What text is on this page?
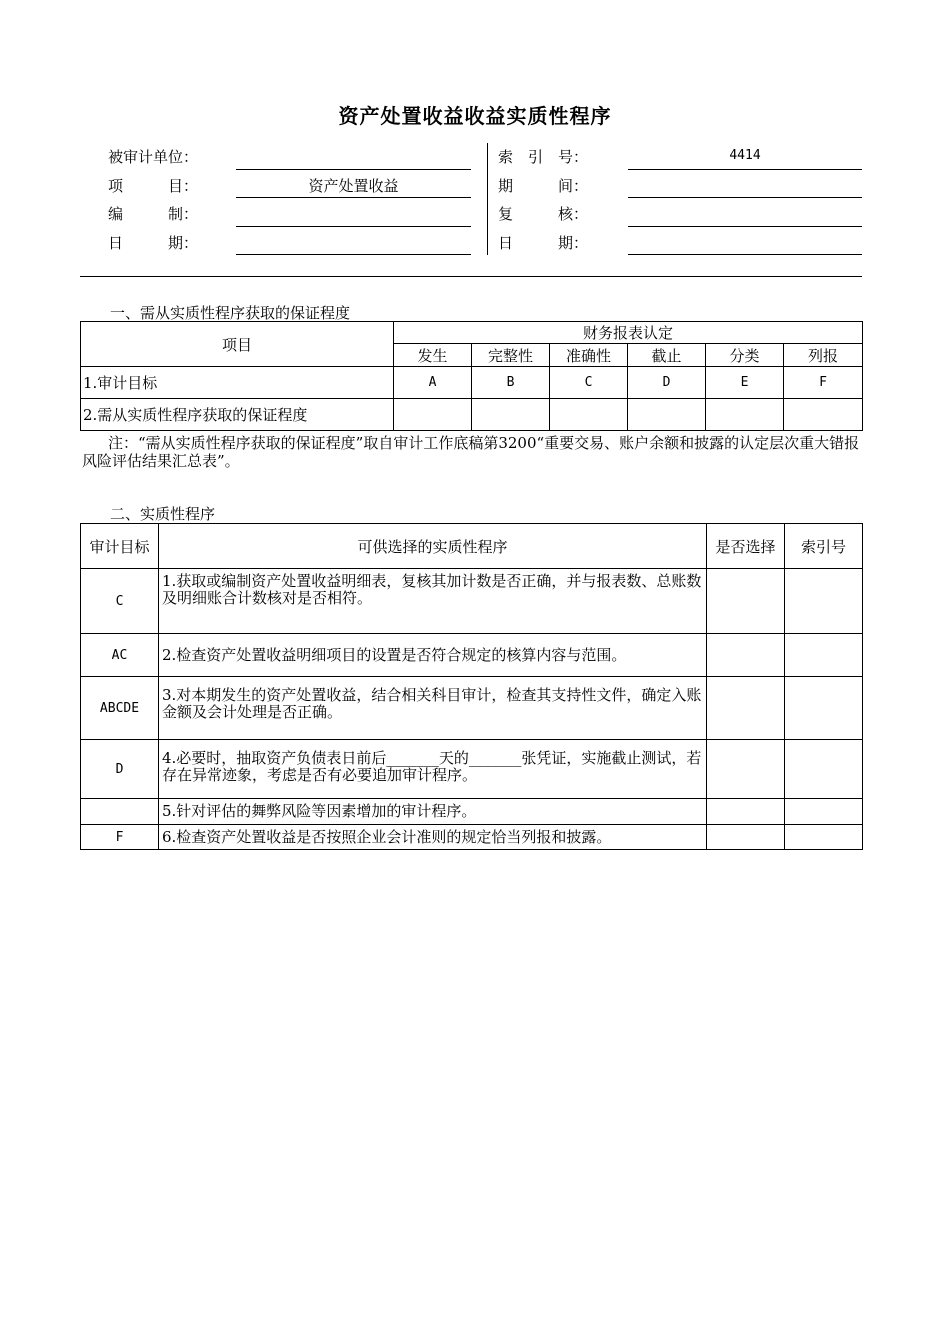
资产处置收益收益实质性程序
被审计单位：
项　　　目：	资产处置收益
编　　　制：
日　　　期：
索　引　号：	4414
期　　　间：
复　　　核：
日　　　期：
一、需从实质性程序获取的保证程度
项目	财务报表认定					
	发生	完整性	准确性	截止	分类	列报
1.审计目标	A	B	C	D	E	F
2.需从实质性程序获取的保证程度						
注：“需从实质性程序获取的保证程度”取自审计工作底稿第3200“重要交易、账户余额和披露的认定层次重大错报风险评估结果汇总表”。
二、实质性程序
审计目标	可供选择的实质性程序	是否选择	索引号
C	1.获取或编制资产处置收益明细表，复核其加计数是否正确，并与报表数、总账数及明细账合计数核对是否相符。		
AC	2.检查资产处置收益明细项目的设置是否符合规定的核算内容与范围。		
ABCDE	3.对本期发生的资产处置收益，结合相关科目审计，检查其支持性文件，确定入账金额及会计处理是否正确。		
D	4.必要时，抽取资产负债表日前后_______天的_______张凭证，实施截止测试，若存在异常迹象，考虑是否有必要追加审计程序。		
	5.针对评估的舞弊风险等因素增加的审计程序。		
F	6.检查资产处置收益是否按照企业会计准则的规定恰当列报和披露。		
